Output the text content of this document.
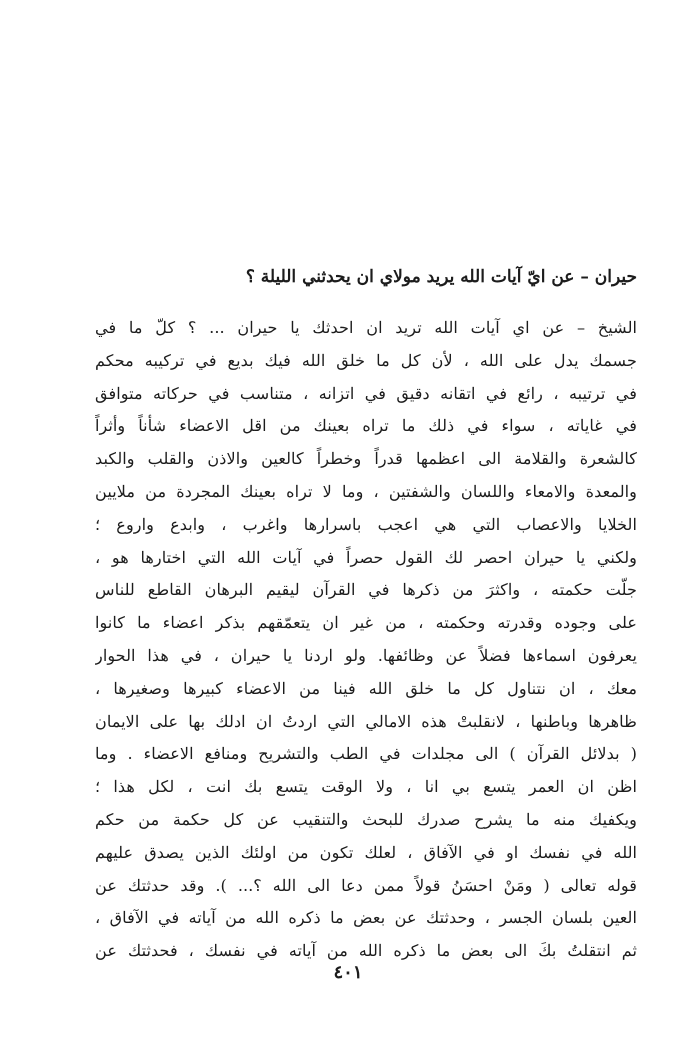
حيران – عن ايّ آيات الله يريد مولاي ان يحدثني الليلة ؟
الشيخ – عن اي آيات الله تريد ان احدثك يا حيران ... ؟ كلّ ما في
جسمك يدل على الله ، لأن كل ما خلق الله فيك بديع في تركيبه محكم
في ترتيبه ، رائع في اتقانه دقيق في اتزانه ، متناسب في حركاته متوافق
في غاياته ، سواء في ذلك ما تراه بعينك من اقل الاعضاء شأناً وأثراً
كالشعرة والقلامة الى اعظمها قدراً وخطراً كالعين والاذن والقلب والكبد
والمعدة والامعاء واللسان والشفتين ، وما لا تراه بعينك المجردة من ملايين
الخلايا والاعصاب التي هي اعجب باسرارها واغرب ، وابدع واروع ؛
ولكني يا حيران احصر لك القول حصراً في آيات الله التي اختارها هو ،
جلّت حكمته ، واكثرَ من ذكرها في القرآن ليقيم البرهان القاطع للناس
على وجوده وقدرته وحكمته ، من غير ان يتعمّقهم بذكر اعضاء ما كانوا
يعرفون اسماءها فضلاً عن وظائفها. ولو اردنا يا حيران ، في هذا الحوار
معك ، ان نتناول كل ما خلق الله فينا من الاعضاء كبيرها وصغيرها ،
ظاهرها وباطنها ، لانقلبتْ هذه الامالي التي اردتُ ان ادلك بها على الايمان
( بدلائل القرآن ) الى مجلدات في الطب والتشريح ومنافع الاعضاء . وما
اظن ان العمر يتسع بي انا ، ولا الوقت يتسع بك انت ، لكل هذا ؛
ويكفيك منه ما يشرح صدرك للبحث والتنقيب عن كل حكمة من حكم
الله في نفسك او في الآفاق ، لعلك تكون من اولئك الذين يصدق عليهم
قوله تعالى ( ومَنْ احسَنُ قولاً ممن دعا الى الله ؟... ). وقد حدثتك عن
العين بلسان الجسر ، وحدثتك عن بعض ما ذكره الله من آياته في الآفاق ،
ثم انتقلتُ بكَ الى بعض ما ذكره الله من آياته في نفسك ، فحدثتك عن
٤٠١
